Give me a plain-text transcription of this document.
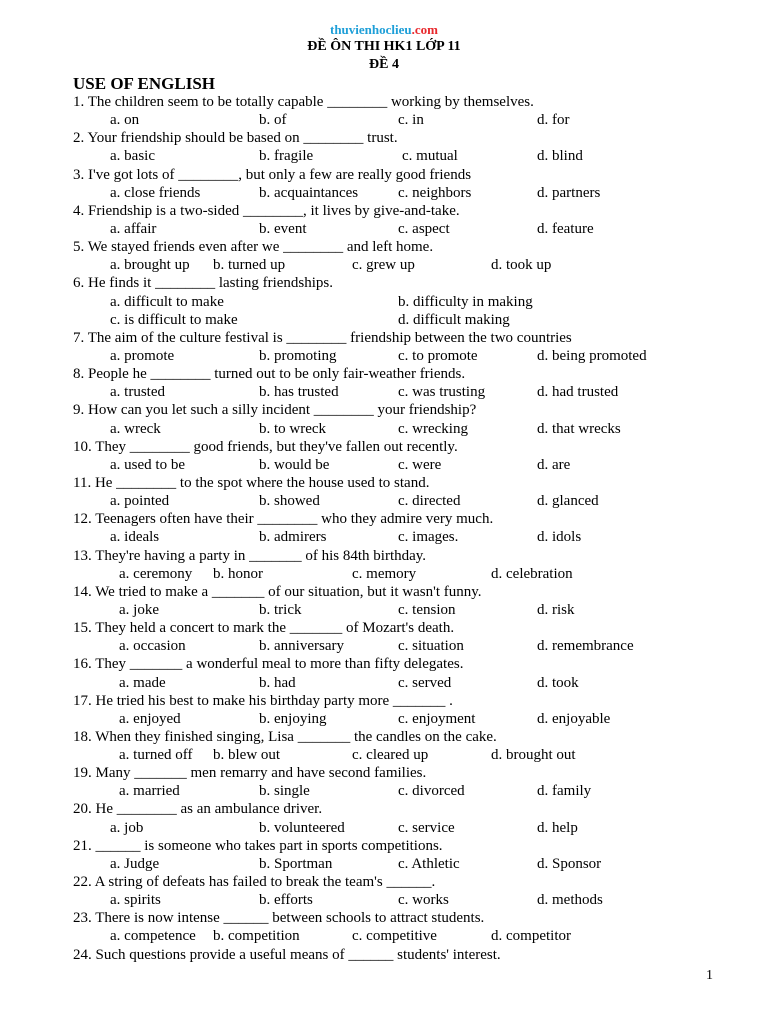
thuvienhoclieu.com
ĐỀ ÔN THI HK1 LỚP 11
ĐỀ 4
USE OF ENGLISH
1. The children seem to be totally capable ________ working by themselves.
a. on	b. of	c. in	d. for
2. Your friendship should be based on ________ trust.
a. basic	b. fragile	c. mutual	d. blind
3. I've got lots of ________, but only a few are really good friends
a. close friends	b. acquaintances	c. neighbors	d. partners
4. Friendship is a two-sided ________, it lives by give-and-take.
a. affair	b. event	c. aspect	d. feature
5. We stayed friends even after we ________ and left home.
a. brought up b. turned up	c. grew up	d. took up
6. He finds it ________ lasting friendships.
a. difficult to make	b. difficulty in making
c. is difficult to make	d. difficult making
7. The aim of the culture festival is ________ friendship between the two countries
a. promote	b. promoting	c. to promote	d. being promoted
8. People he ________ turned out to be only fair-weather friends.
a. trusted	b. has trusted	c. was trusting	d. had trusted
9. How can you let such a silly incident ________ your friendship?
a. wreck	b. to wreck	c. wrecking	d. that wrecks
10. They ________ good friends, but they've fallen out recently.
a. used to be	b. would be	c. were	d. are
11. He ________ to the spot where the house used to stand.
a. pointed	b. showed	c. directed	d. glanced
12. Teenagers often have their ________ who they admire very much.
a. ideals	b. admirers	c. images.	d. idols
13. They're having a party in _______ of his 84th birthday.
a. ceremony b. honor	c. memory	d. celebration
14. We tried to make a _______ of our situation, but it wasn't funny.
a. joke	b. trick	c. tension	d. risk
15. They held a concert to mark the _______ of Mozart's death.
a. occasion	b. anniversary	c. situation	d. remembrance
16. They _______ a wonderful meal to more than fifty delegates.
a. made	b. had	c. served	d. took
17. He tried his best to make his birthday party more _______ .
a. enjoyed	b. enjoying	c. enjoyment	d. enjoyable
18. When they finished singing, Lisa _______ the candles on the cake.
a. turned off b. blew out	c. cleared up	d. brought out
19. Many _______ men remarry and have second families.
a. married	b. single	c. divorced	d. family
20. He ________ as an ambulance driver.
a. job	b. volunteered	c. service	d. help
21. ______ is someone who takes part in sports competitions.
a. Judge	b. Sportman	c. Athletic	d. Sponsor
22. A string of defeats has failed to break the team's ______.
a. spirits	b. efforts	c. works	d. methods
23. There is now intense ______ between schools to attract students.
a. competence b. competition	c. competitive	d. competitor
24. Such questions provide a useful means of ______ students' interest.
1
